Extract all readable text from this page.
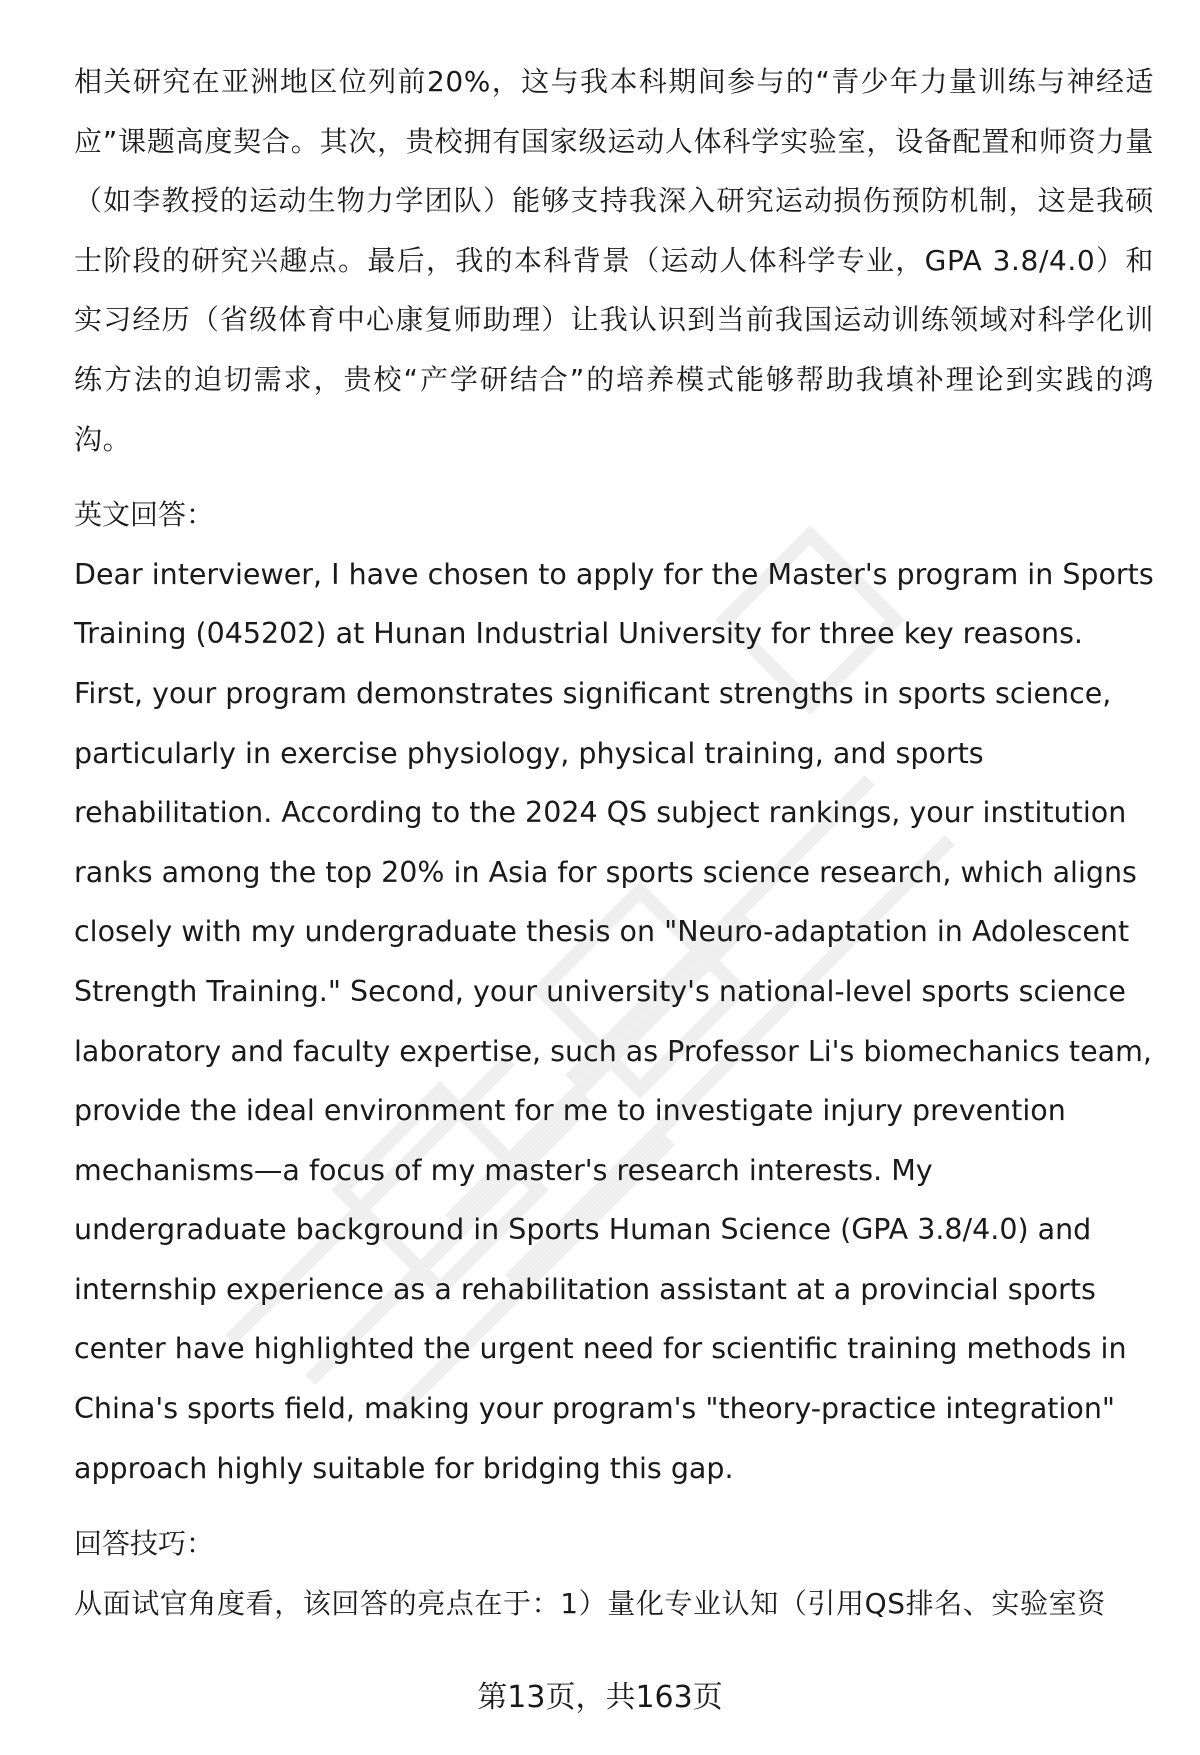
相关研究在亚洲地区位列前20%，这与我本科期间参与的“青少年力量训练与神经适应”课题高度契合。其次，贵校拥有国家级运动人体科学实验室，设备配置和师资力量（如李教授的运动生物力学团队）能够支持我深入研究运动损伤预防机制，这是我硕士阶段的研究兴趣点。最后，我的本科背景（运动人体科学专业，GPA 3.8/4.0）和实习经历（省级体育中心康复师助理）让我认识到当前我国运动训练领域对科学化训练方法的迫切需求，贵校“产学研结合”的培养模式能够帮助我填补理论到实践的鸿沟。

英文回答：

Dear interviewer, I have chosen to apply for the Master's program in Sports Training (045202) at Hunan Industrial University for three key reasons. First, your program demonstrates significant strengths in sports science, particularly in exercise physiology, physical training, and sports rehabilitation. According to the 2024 QS subject rankings, your institution ranks among the top 20% in Asia for sports science research, which aligns closely with my undergraduate thesis on "Neuro-adaptation in Adolescent Strength Training." Second, your university's national-level sports science laboratory and faculty expertise, such as Professor Li's biomechanics team, provide the ideal environment for me to investigate injury prevention mechanisms—a focus of my master's research interests. My undergraduate background in Sports Human Science (GPA 3.8/4.0) and internship experience as a rehabilitation assistant at a provincial sports center have highlighted the urgent need for scientific training methods in China's sports field, making your program's "theory-practice integration" approach highly suitable for bridging this gap.

回答技巧：

从面试官角度看，该回答的亮点在于：1）量化专业认知（引用QS排名、实验室资

第13页，共163页
